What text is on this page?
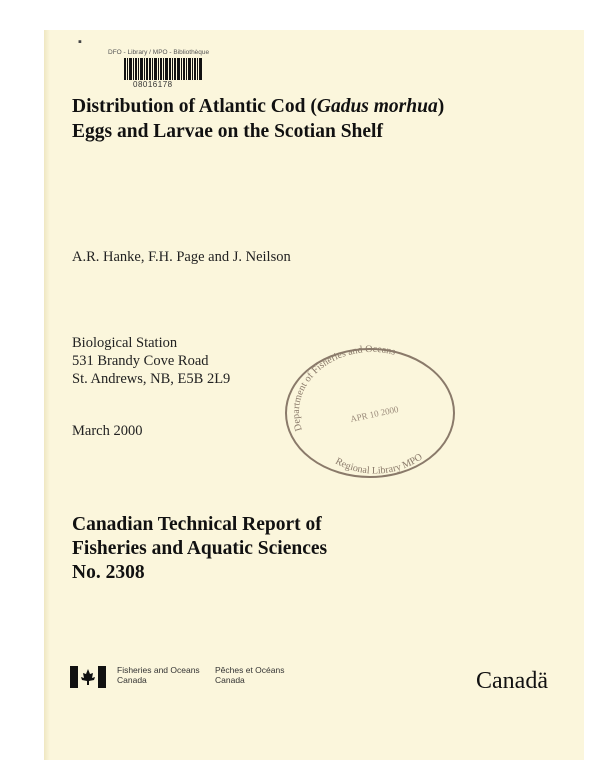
▪
DFO - Library / MPO - Bibliothèque
08016178
Distribution of Atlantic Cod (Gadus morhua)
Eggs and Larvae on the Scotian Shelf
A.R. Hanke, F.H. Page and J. Neilson
Biological Station
531 Brandy Cove Road
St. Andrews, NB, E5B 2L9
March 2000	Department of Fisheries and Oceans
APR 10 2000
Regional Library MPO
Canadian Technical Report of
Fisheries and Aquatic Sciences
No. 2308
Fisheries and Oceans
Canada
Pêches et Océans
Canada	Canadä
